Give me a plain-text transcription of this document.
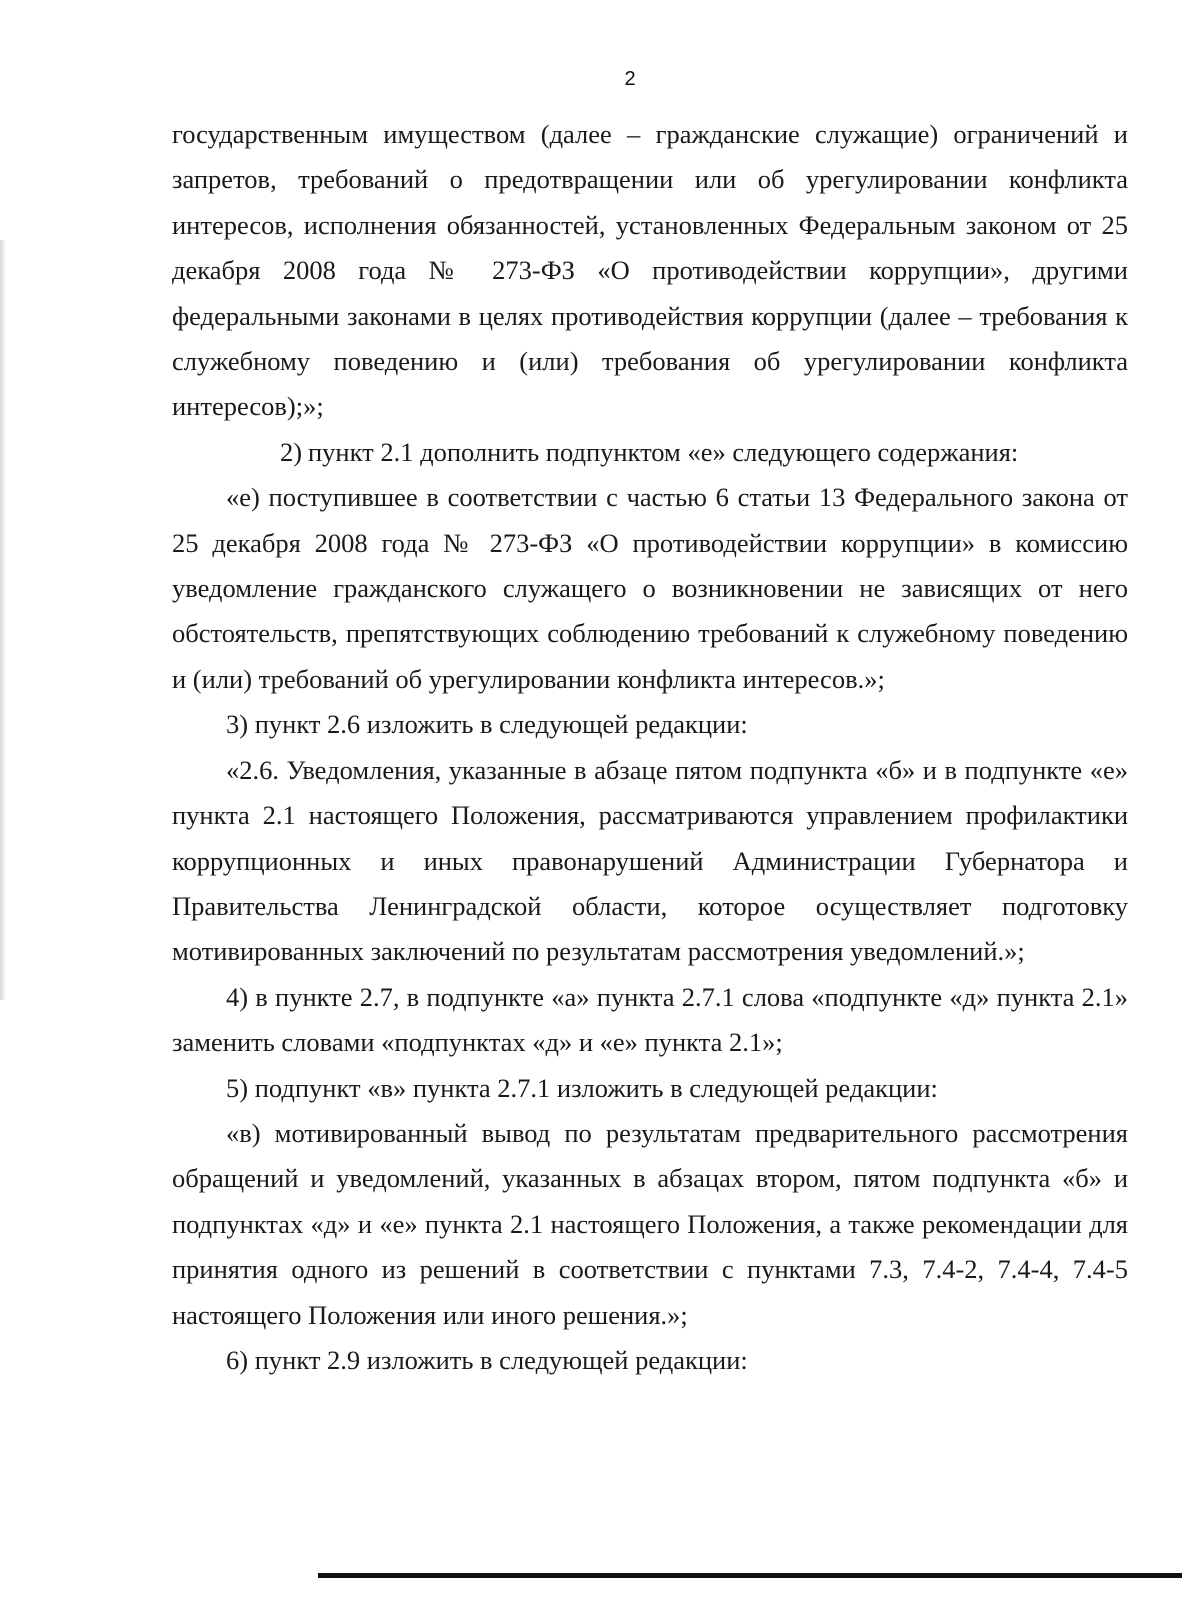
2

государственным имуществом (далее – гражданские служащие) ограничений и запретов, требований о предотвращении или об урегулировании конфликта интересов, исполнения обязанностей, установленных Федеральным законом от 25 декабря 2008 года № 273-ФЗ «О противодействии коррупции», другими федеральными законами в целях противодействия коррупции (далее – требования к служебному поведению и (или) требования об урегулировании конфликта интересов);»;

2) пункт 2.1 дополнить подпунктом «е» следующего содержания:

«е) поступившее в соответствии с частью 6 статьи 13 Федерального закона от 25 декабря 2008 года № 273-ФЗ «О противодействии коррупции» в комиссию уведомление гражданского служащего о возникновении не зависящих от него обстоятельств, препятствующих соблюдению требований к служебному поведению и (или) требований об урегулировании конфликта интересов.»;

3) пункт 2.6 изложить в следующей редакции:

«2.6. Уведомления, указанные в абзаце пятом подпункта «б» и в подпункте «е» пункта 2.1 настоящего Положения, рассматриваются управлением профилактики коррупционных и иных правонарушений Администрации Губернатора и Правительства Ленинградской области, которое осуществляет подготовку мотивированных заключений по результатам рассмотрения уведомлений.»;

4) в пункте 2.7, в подпункте «а» пункта 2.7.1 слова «подпункте «д» пункта 2.1» заменить словами «подпунктах «д» и «е» пункта 2.1»;

5) подпункт «в» пункта 2.7.1 изложить в следующей редакции:

«в) мотивированный вывод по результатам предварительного рассмотрения обращений и уведомлений, указанных в абзацах втором, пятом подпункта «б» и подпунктах «д» и «е» пункта 2.1 настоящего Положения, а также рекомендации для принятия одного из решений в соответствии с пунктами 7.3, 7.4-2, 7.4-4, 7.4-5 настоящего Положения или иного решения.»;

6) пункт 2.9 изложить в следующей редакции:
